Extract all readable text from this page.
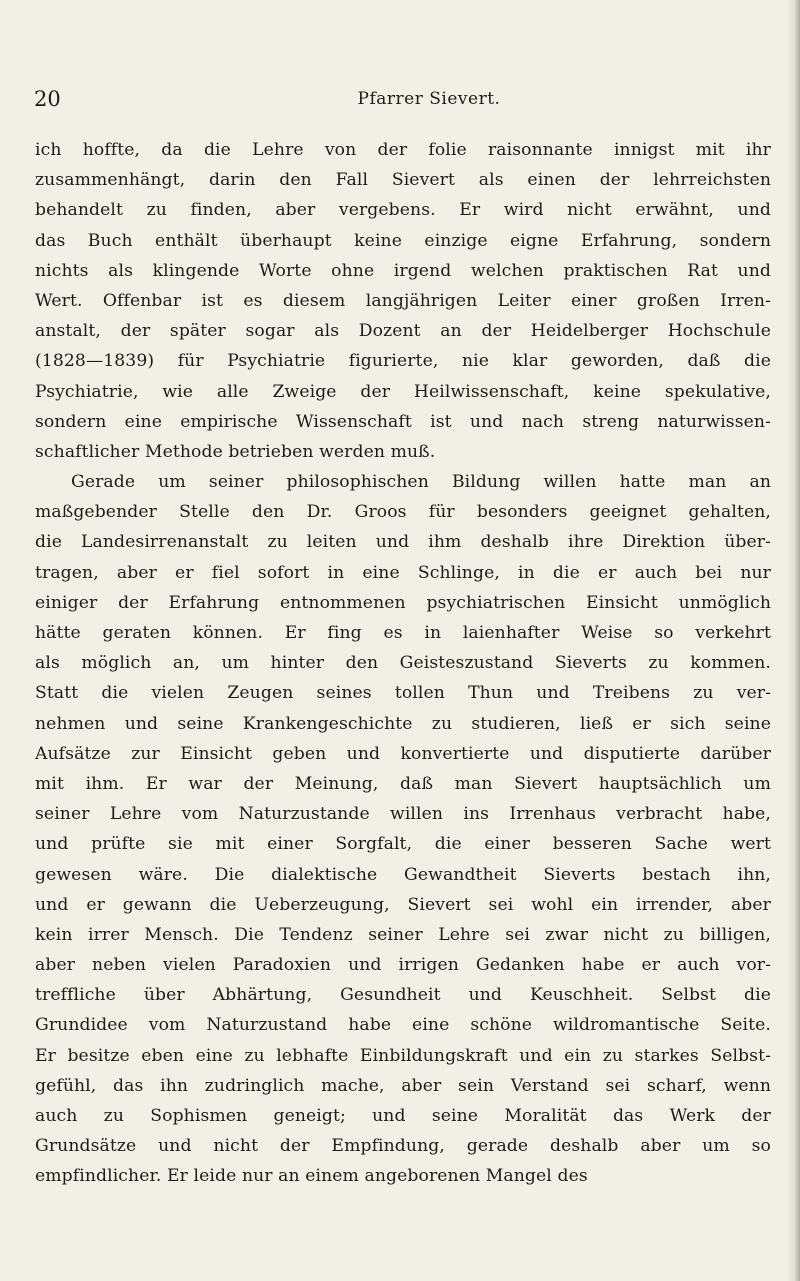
20	Pfarrer Sievert.
ich hoffte, da die Lehre von der folie raisonnante innigst mit ihr
zusammenhängt, darin den Fall Sievert als einen der lehrreichsten
behandelt zu finden, aber vergebens. Er wird nicht erwähnt, und
das Buch enthält überhaupt keine einzige eigne Erfahrung, sondern
nichts als klingende Worte ohne irgend welchen praktischen Rat und
Wert. Offenbar ist es diesem langjährigen Leiter einer großen Irren-
anstalt, der später sogar als Dozent an der Heidelberger Hochschule
(1828—1839) für Psychiatrie figurierte, nie klar geworden, daß die
Psychiatrie, wie alle Zweige der Heilwissenschaft, keine spekulative,
sondern eine empirische Wissenschaft ist und nach streng naturwissen-
schaftlicher Methode betrieben werden muß.
Gerade um seiner philosophischen Bildung willen hatte man an
maßgebender Stelle den Dr. Groos für besonders geeignet gehalten,
die Landesirrenanstalt zu leiten und ihm deshalb ihre Direktion über-
tragen, aber er fiel sofort in eine Schlinge, in die er auch bei nur
einiger der Erfahrung entnommenen psychiatrischen Einsicht unmöglich
hätte geraten können. Er fing es in laienhafter Weise so verkehrt
als möglich an, um hinter den Geisteszustand Sieverts zu kommen.
Statt die vielen Zeugen seines tollen Thun und Treibens zu ver-
nehmen und seine Krankengeschichte zu studieren, ließ er sich seine
Aufsätze zur Einsicht geben und konvertierte und disputierte darüber
mit ihm. Er war der Meinung, daß man Sievert hauptsächlich um
seiner Lehre vom Naturzustande willen ins Irrenhaus verbracht habe,
und prüfte sie mit einer Sorgfalt, die einer besseren Sache wert
gewesen wäre. Die dialektische Gewandtheit Sieverts bestach ihn,
und er gewann die Ueberzeugung, Sievert sei wohl ein irrender, aber
kein irrer Mensch. Die Tendenz seiner Lehre sei zwar nicht zu billigen,
aber neben vielen Paradoxien und irrigen Gedanken habe er auch vor-
treffliche über Abhärtung, Gesundheit und Keuschheit. Selbst die
Grundidee vom Naturzustand habe eine schöne wildromantische Seite.
Er besitze eben eine zu lebhafte Einbildungskraft und ein zu starkes Selbst-
gefühl, das ihn zudringlich mache, aber sein Verstand sei scharf, wenn
auch zu Sophismen geneigt; und seine Moralität das Werk der
Grundsätze und nicht der Empfindung, gerade deshalb aber um so
empfindlicher. Er leide nur an einem angeborenen Mangel des
